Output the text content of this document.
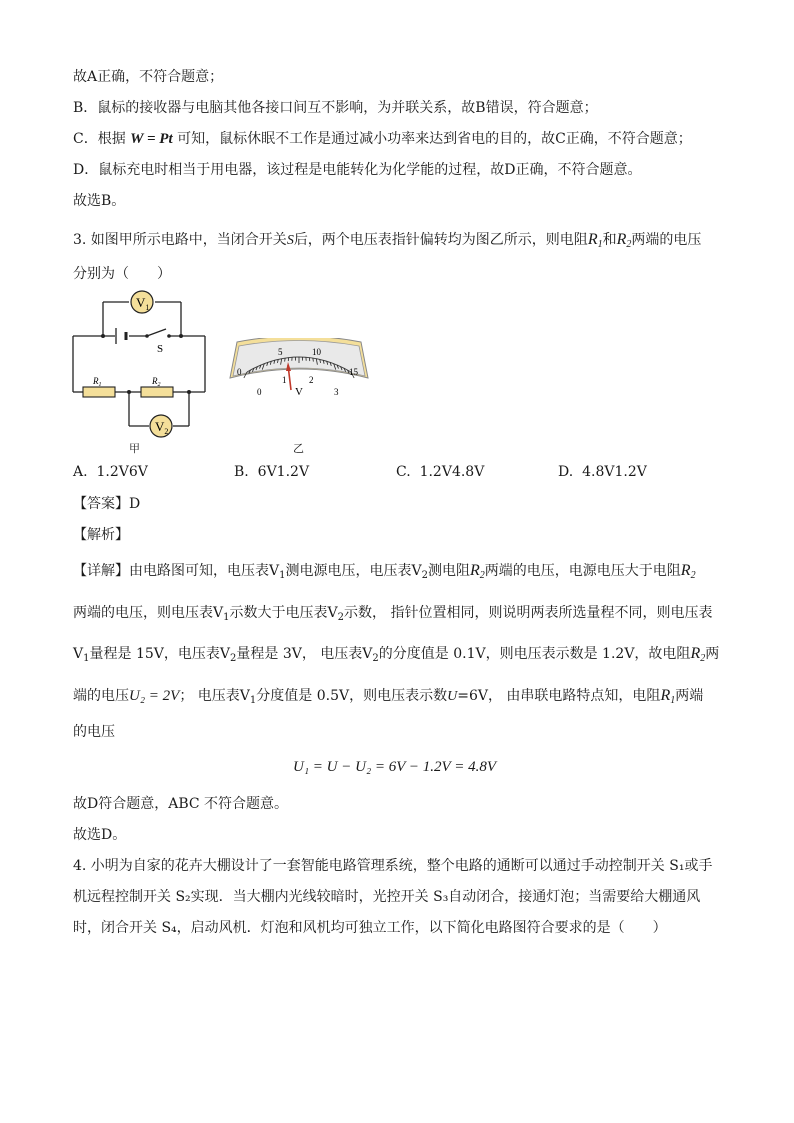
故A正确，不符合题意；
B．鼠标的接收器与电脑其他各接口间互不影响，为并联关系，故B错误，符合题意；
C．根据 W = Pt 可知，鼠标休眠不工作是通过减小功率来达到省电的目的，故C正确，不符合题意；
D．鼠标充电时相当于用电器，该过程是电能转化为化学能的过程，故D正确，不符合题意。
故选B。
3. 如图甲所示电路中，当闭合开关S后，两个电压表指针偏转均为图乙所示，则电阻$R_1$和$R_2$两端的电压
分别为（　　）
$V_1$
$V_2$
S
$R_1$	$R_2$
甲
0
5	10
15
0
1	2
3
V
乙
A. 1.2V6V	B. 6V1.2V	C. 1.2V4.8V	D. 4.8V1.2V
【答案】D
【解析】
【详解】由电路图可知，电压表$V_1$测电源电压，电压表$V_2$测电阻$R_2$两端的电压，电源电压大于电阻$R_2$
两端的电压，则电压表$V_1$示数大于电压表$V_2$示数， 指针位置相同，则说明两表所选量程不同，则电压表
$V_1$量程是 15V，电压表$V_2$量程是 3V， 电压表$V_2$的分度值是 0.1V，则电压表示数是 1.2V，故电阻$R_2$两
端的电压U₂ = 2V； 电压表$V_1$分度值是 0.5V，则电压表示数U=6V， 由串联电路特点知，电阻$R_1$两端
的电压
U₁ = U − U₂ = 6V − 1.2V = 4.8V
故D符合题意，ABC 不符合题意。
故选D。
4. 小明为自家的花卉大棚设计了一套智能电路管理系统，整个电路的通断可以通过手动控制开关 S₁或手
机远程控制开关 S₂实现．当大棚内光线较暗时，光控开关 S₃自动闭合，接通灯泡；当需要给大棚通风
时，闭合开关 S₄，启动风机．灯泡和风机均可独立工作，以下简化电路图符合要求的是（　　）
